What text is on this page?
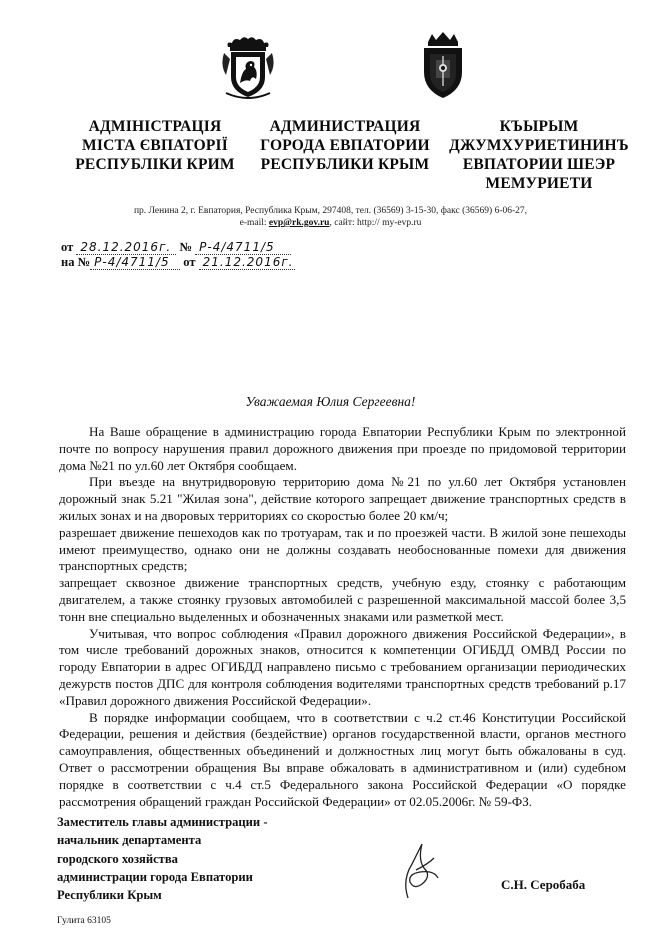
АДМІНІСТРАЦІЯ
МІСТА ЄВПАТОРІЇ
РЕСПУБЛІКИ КРИМ
АДМИНИСТРАЦИЯ
ГОРОДА ЕВПАТОРИИ
РЕСПУБЛИКИ КРЫМ
КЪЫРЫМ
ДЖУМХУРИЕТИНИНЪ
ЕВПАТОРИИ ШЕЭР
МЕМУРИЕТИ
пр. Ленина 2, г. Евпатория, Республика Крым, 297408, тел. (36569) 3-15-30, факс (36569) 6-06-27,
e-mail: evp@rk.gov.ru, сайт: http:// my-evp.ru
от 28.12.2016г. № Р-4/4711/5
на № Р-4/4711/5 от 21.12.2016г.
Уважаемая Юлия Сергеевна!

На Ваше обращение в администрацию города Евпатории Республики Крым по электронной почте по вопросу нарушения правил дорожного движения при проезде по придомовой территории дома №21 по ул.60 лет Октября сообщаем.

При въезде на внутридворовую территорию дома №21 по ул.60 лет Октября установлен дорожный знак 5.21 "Жилая зона", действие которого запрещает движение транспортных средств в жилых зонах и на дворовых территориях со скоростью более 20 км/ч;

разрешает движение пешеходов как по тротуарам, так и по проезжей части. В жилой зоне пешеходы имеют преимущество, однако они не должны создавать необоснованные помехи для движения транспортных средств;

запрещает сквозное движение транспортных средств, учебную езду, стоянку с работающим двигателем, а также стоянку грузовых автомобилей с разрешенной максимальной массой более 3,5 тонн вне специально выделенных и обозначенных знаками или разметкой мест.

Учитывая, что вопрос соблюдения «Правил дорожного движения Российской Федерации», в том числе требований дорожных знаков, относится к компетенции ОГИБДД ОМВД России по городу Евпатории в адрес ОГИБДД направлено письмо с требованием организации периодических дежурств постов ДПС для контроля соблюдения водителями транспортных средств требований р.17 «Правил дорожного движения Российской Федерации».

В порядке информации сообщаем, что в соответствии с ч.2 ст.46 Конституции Российской Федерации, решения и действия (бездействие) органов государственной власти, органов местного самоуправления, общественных объединений и должностных лиц могут быть обжалованы в суд. Ответ о рассмотрении обращения Вы вправе обжаловать в административном и (или) судебном порядке в соответствии с ч.4 ст.5 Федерального закона Российской Федерации «О порядке рассмотрения обращений граждан Российской Федерации» от 02.05.2006г. № 59-ФЗ.

Заместитель главы администрации -
начальник департамента
городского хозяйства
администрации города Евпатории
Республики Крым
С.Н. Серобаба
Гулита 63105
